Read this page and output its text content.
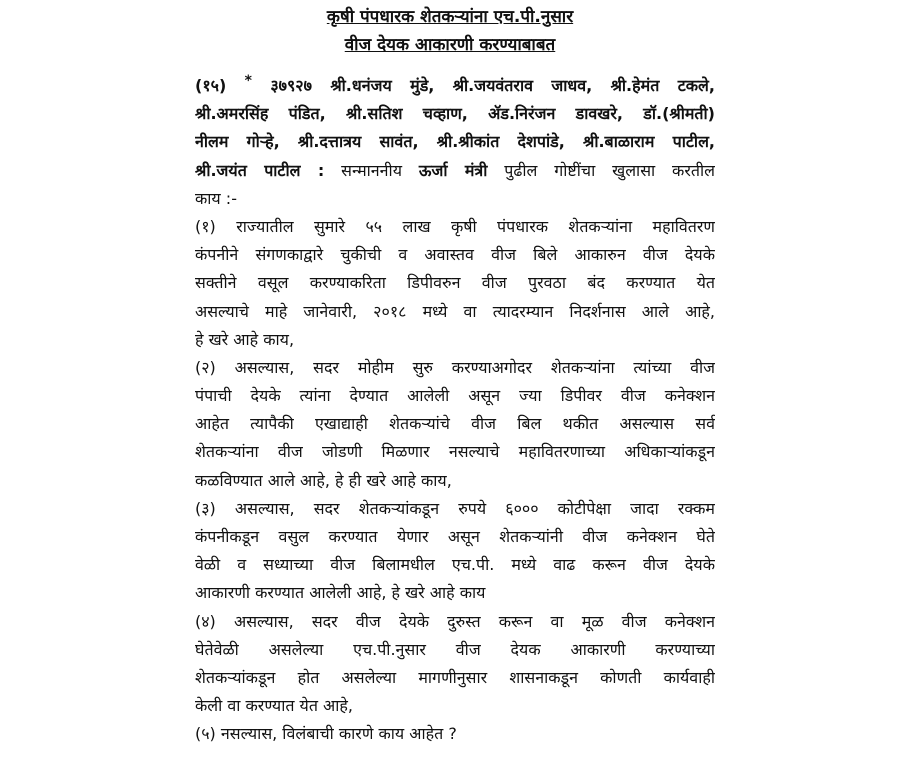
कृषी पंपधारक शेतकऱ्यांना एच.पी.नुसार
वीज देयक आकारणी करण्याबाबत
(१५) * ३७९२७ श्री.धनंजय मुंडे, श्री.जयवंतराव जाधव, श्री.हेमंत टकले,
श्री.अमरसिंह पंडित, श्री.सतिश चव्हाण, ॲड.निरंजन डावखरे, डॉ.(श्रीमती)
नीलम गोऱ्हे, श्री.दत्तात्रय सावंत, श्री.श्रीकांत देशपांडे, श्री.बाळाराम पाटील,
श्री.जयंत पाटील : सन्माननीय ऊर्जा मंत्री पुढील गोष्टींचा खुलासा करतील
काय :-
(१) राज्यातील सुमारे ५५ लाख कृषी पंपधारक शेतकऱ्यांना महावितरण
कंपनीने संगणकाद्वारे चुकीची व अवास्तव वीज बिले आकारुन वीज देयके
सक्तीने वसूल करण्याकरिता डिपीवरुन वीज पुरवठा बंद करण्यात येत
असल्याचे माहे जानेवारी, २०१८ मध्ये वा त्यादरम्यान निदर्शनास आले आहे,
हे खरे आहे काय,
(२) असल्यास, सदर मोहीम सुरु करण्याअगोदर शेतकऱ्यांना त्यांच्या वीज
पंपाची देयके त्यांना देण्यात आलेली असून ज्या डिपीवर वीज कनेक्शन
आहेत त्यापैकी एखाद्याही शेतकऱ्यांचे वीज बिल थकीत असल्यास सर्व
शेतकऱ्यांना वीज जोडणी मिळणार नसल्याचे महावितरणाच्या अधिकाऱ्यांकडून
कळविण्यात आले आहे, हे ही खरे आहे काय,
(३) असल्यास, सदर शेतकऱ्यांकडून रुपये ६००० कोटीपेक्षा जादा रक्कम
कंपनीकडून वसुल करण्यात येणार असून शेतकऱ्यांनी वीज कनेक्शन घेते
वेळी व सध्याच्या वीज बिलामधील एच.पी. मध्ये वाढ करून वीज देयके
आकारणी करण्यात आलेली आहे, हे खरे आहे काय
(४) असल्यास, सदर वीज देयके दुरुस्त करून वा मूळ वीज कनेक्शन
घेतेवेळी असलेल्या एच.पी.नुसार वीज देयक आकारणी करण्याच्या
शेतकऱ्यांकडून होत असलेल्या मागणीनुसार शासनाकडून कोणती कार्यवाही
केली वा करण्यात येत आहे,
(५) नसल्यास, विलंबाची कारणे काय आहेत ?
